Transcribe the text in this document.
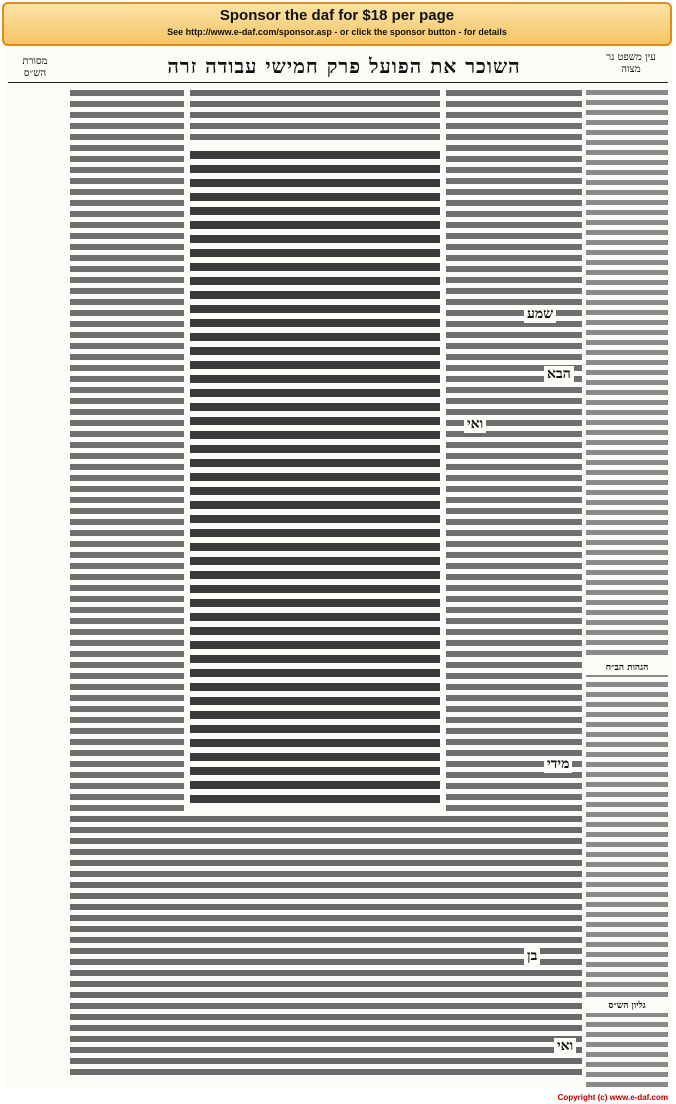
Sponsor the daf for $18 per page
See http://www.e-daf.com/sponsor.asp - or click the sponsor button - for details
השוכר את הפועל פרק חמישי עבודה זרה	עין משפט נר מצוה
מסורת הש״ס
שמע
הבא
ואי
מידי
בן
ואי
הגהות הב״ח
גליון הש״ס
Copyright (c) www.e-daf.com
